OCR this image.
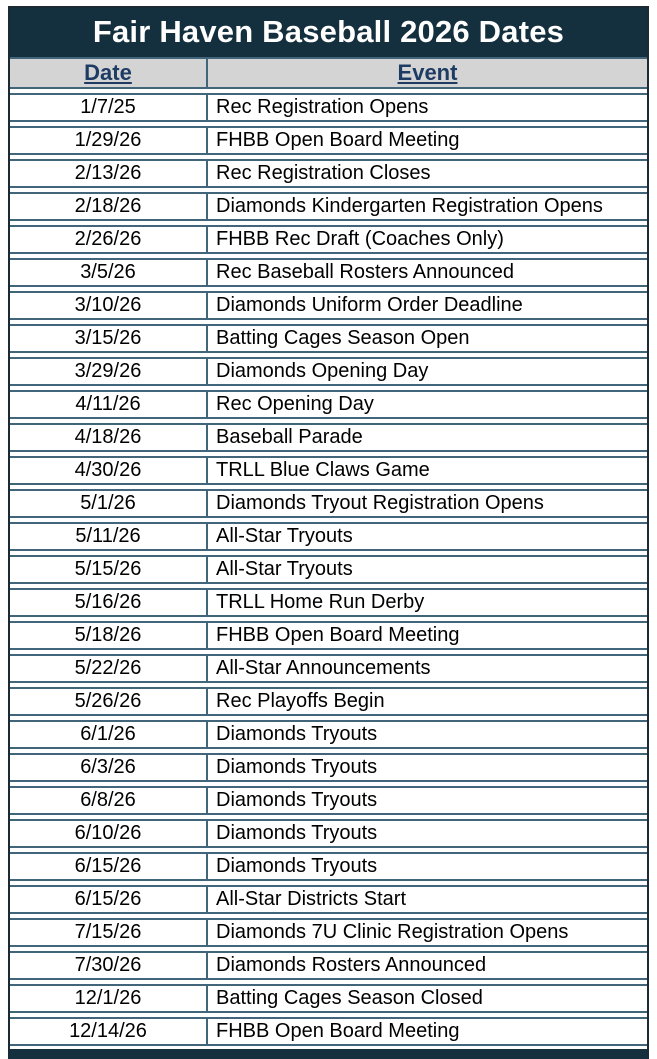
Fair Haven Baseball 2026 Dates
Date	Event
1/7/25	Rec Registration Opens
1/29/26	FHBB Open Board Meeting
2/13/26	Rec Registration Closes
2/18/26	Diamonds Kindergarten Registration Opens
2/26/26	FHBB Rec Draft (Coaches Only)
3/5/26	Rec Baseball Rosters Announced
3/10/26	Diamonds Uniform Order Deadline
3/15/26	Batting Cages Season Open
3/29/26	Diamonds Opening Day
4/11/26	Rec Opening Day
4/18/26	Baseball Parade
4/30/26	TRLL Blue Claws Game
5/1/26	Diamonds Tryout Registration Opens
5/11/26	All-Star Tryouts
5/15/26	All-Star Tryouts
5/16/26	TRLL Home Run Derby
5/18/26	FHBB Open Board Meeting
5/22/26	All-Star Announcements
5/26/26	Rec Playoffs Begin
6/1/26	Diamonds Tryouts
6/3/26	Diamonds Tryouts
6/8/26	Diamonds Tryouts
6/10/26	Diamonds Tryouts
6/15/26	Diamonds Tryouts
6/15/26	All-Star Districts Start
7/15/26	Diamonds 7U Clinic Registration Opens
7/30/26	Diamonds Rosters Announced
12/1/26	Batting Cages Season Closed
12/14/26	FHBB Open Board Meeting
